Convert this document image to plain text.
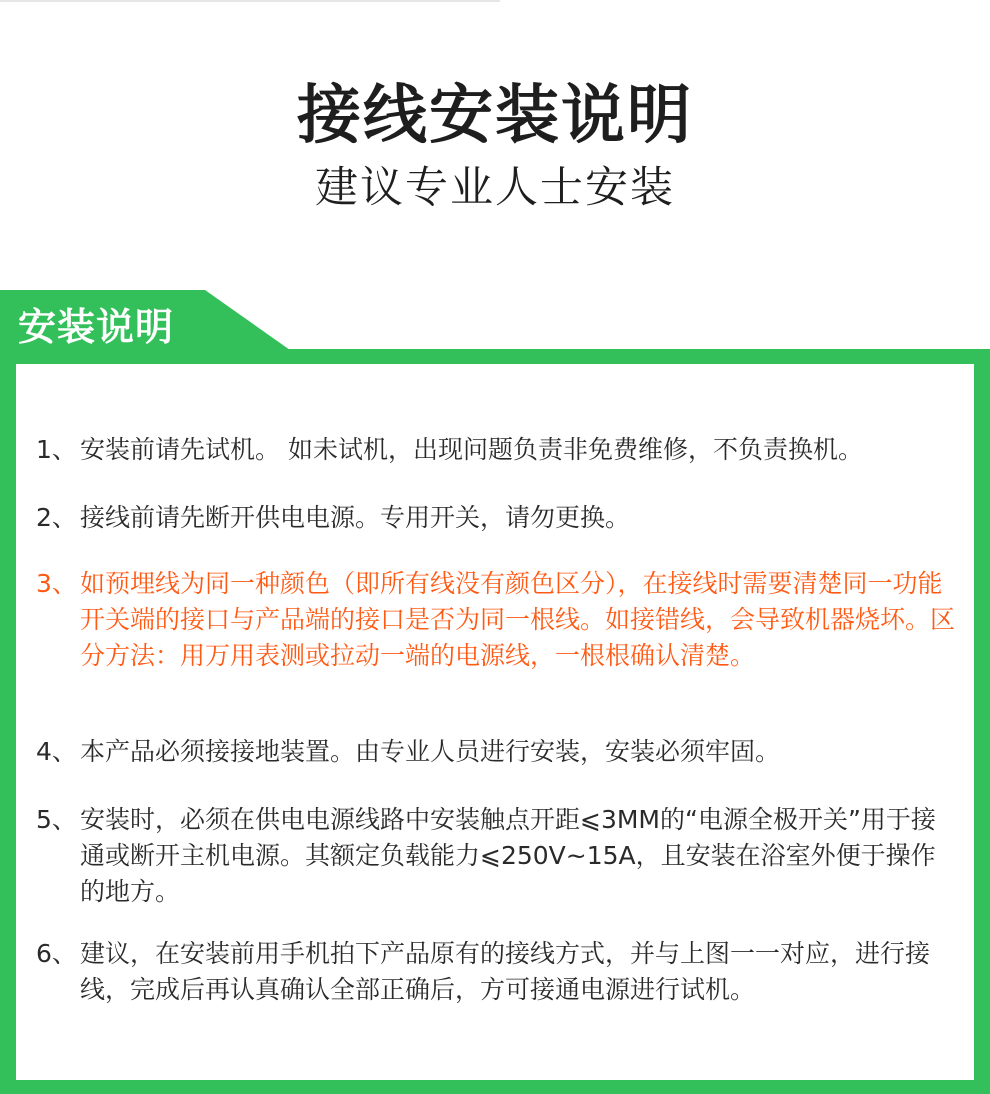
接线安装说明
建议专业人士安装
安装说明
1、 安装前请先试机。 如未试机，出现问题负责非免费维修，不负责换机。
2、 接线前请先断开供电电源。专用开关，请勿更换。
3、 如预埋线为同一种颜色（即所有线没有颜色区分），在接线时需要清楚同一功能开关端的接口与产品端的接口是否为同一根线。如接错线，会导致机器烧坏。区分方法：用万用表测或拉动一端的电源线，一根根确认清楚。
4、 本产品必须接接地装置。由专业人员进行安装，安装必须牢固。
5、 安装时，必须在供电电源线路中安装触点开距⩽3MM的“电源全极开关”用于接通或断开主机电源。其额定负载能力⩽250V~15A，且安装在浴室外便于操作的地方。
6、 建议，在安装前用手机拍下产品原有的接线方式，并与上图一一对应，进行接线，完成后再认真确认全部正确后，方可接通电源进行试机。
